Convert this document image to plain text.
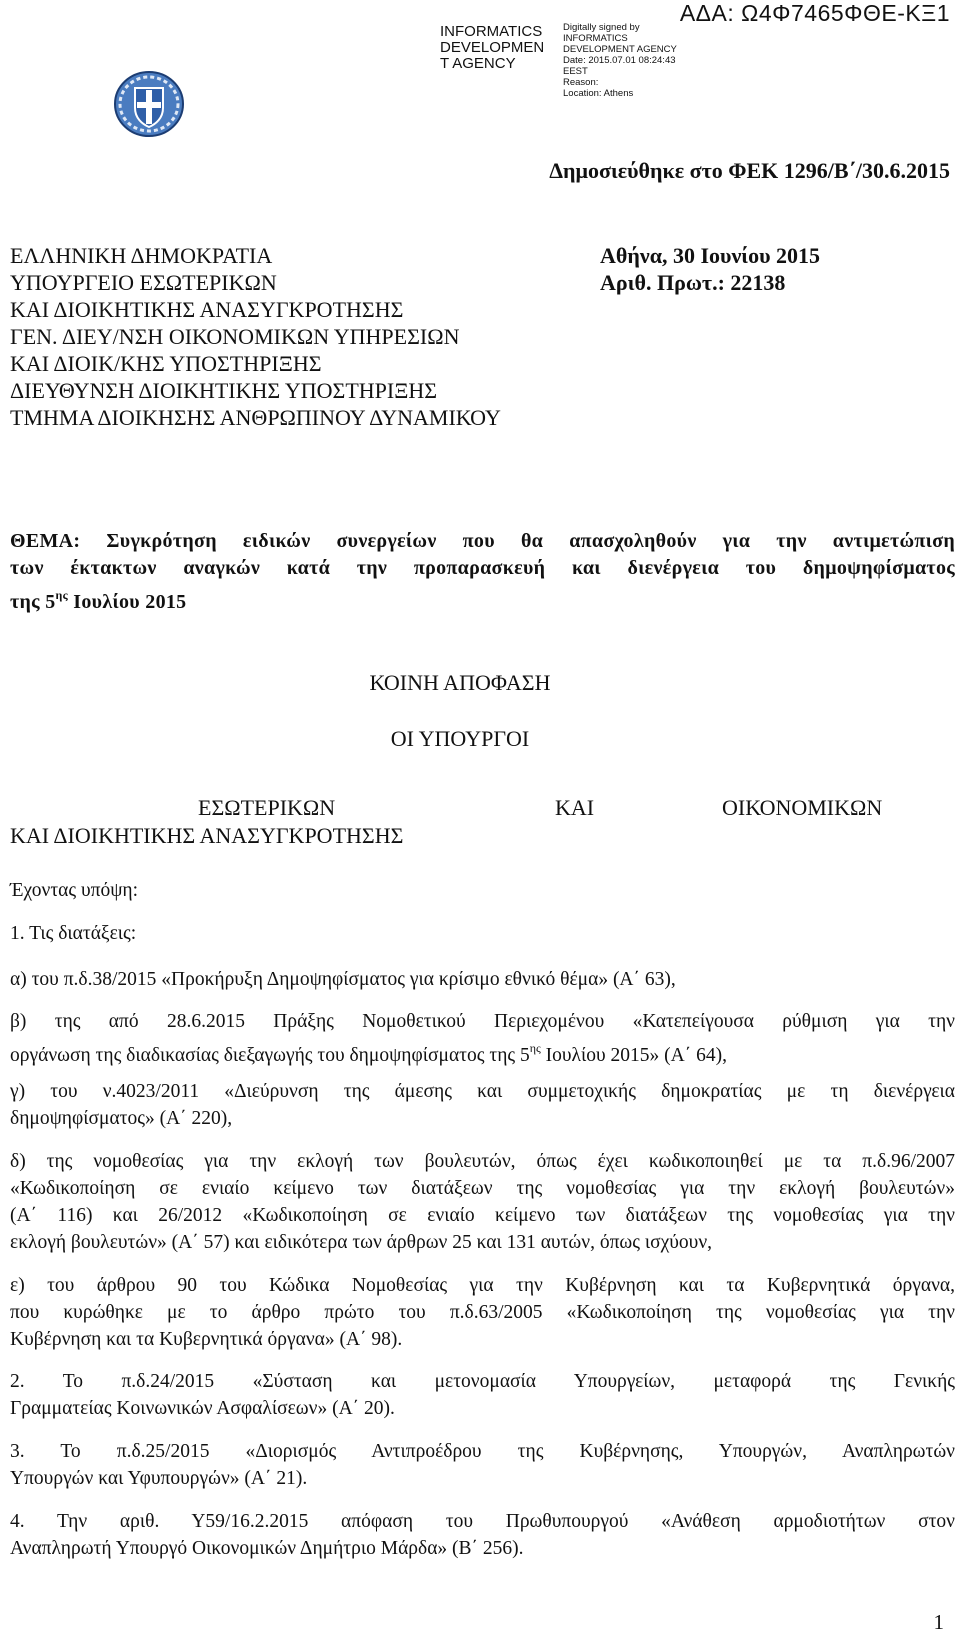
ΑΔΑ: Ω4Φ7465ΦΘΕ-ΚΞ1
INFORMATICS
DEVELOPMEN
T AGENCY
Digitally signed by
INFORMATICS
DEVELOPMENT AGENCY
Date: 2015.07.01 08:24:43
EEST
Reason:
Location: Athens
Δημοσιεύθηκε στο ΦΕΚ 1296/Β΄/30.6.2015
ΕΛΛΗΝΙΚΗ ΔΗΜΟΚΡΑΤΙΑ
ΥΠΟΥΡΓΕΙΟ ΕΣΩΤΕΡΙΚΩΝ
ΚΑΙ ΔΙΟΙΚΗΤΙΚΗΣ ΑΝΑΣΥΓΚΡΟΤΗΣΗΣ
ΓΕΝ. ΔΙΕΥ/ΝΣΗ ΟΙΚΟΝΟΜΙΚΩΝ ΥΠΗΡΕΣΙΩΝ
ΚΑΙ ΔΙΟΙΚ/ΚΗΣ ΥΠΟΣΤΗΡΙΞΗΣ
ΔΙΕΥΘΥΝΣΗ ΔΙΟΙΚΗΤΙΚΗΣ ΥΠΟΣΤΗΡΙΞΗΣ
ΤΜΗΜΑ ΔΙΟΙΚΗΣΗΣ ΑΝΘΡΩΠΙΝΟΥ ΔΥΝΑΜΙΚΟΥ
Αθήνα, 30 Ιουνίου 2015
Αριθ. Πρωτ.: 22138
ΘΕΜΑ: Συγκρότηση ειδικών συνεργείων που θα απασχοληθούν για την αντιμετώπιση
των έκτακτων αναγκών κατά την προπαρασκευή και διενέργεια του δημοψηφίσματος
της $5^{\eta\varsigma}$ Ιουλίου 2015
ΚΟΙΝΗ ΑΠΟΦΑΣΗ
ΟΙ ΥΠΟΥΡΓΟΙ
ΕΣΩΤΕΡΙΚΩΝ	ΚΑΙ	ΟΙΚΟΝΟΜΙΚΩΝ
ΚΑΙ ΔΙΟΙΚΗΤΙΚΗΣ ΑΝΑΣΥΓΚΡΟΤΗΣΗΣ
Έχοντας υπόψη:
1. Τις διατάξεις:
α) του π.δ.38/2015 «Προκήρυξη Δημοψηφίσματος για κρίσιμο εθνικό θέμα» (Α΄ 63),
β) της από 28.6.2015 Πράξης Νομοθετικού Περιεχομένου «Κατεπείγουσα ρύθμιση για την
οργάνωση της διαδικασίας διεξαγωγής του δημοψηφίσματος της $5^{\eta\varsigma}$ Ιουλίου 2015» (Α΄ 64),
γ) του ν.4023/2011 «Διεύρυνση της άμεσης και συμμετοχικής δημοκρατίας με τη διενέργεια
δημοψηφίσματος» (Α΄ 220),
δ) της νομοθεσίας για την εκλογή των βουλευτών, όπως έχει κωδικοποιηθεί με τα π.δ.96/2007
«Κωδικοποίηση σε ενιαίο κείμενο των διατάξεων της νομοθεσίας για την εκλογή βουλευτών»
(Α΄ 116) και 26/2012 «Κωδικοποίηση σε ενιαίο κείμενο των διατάξεων της νομοθεσίας για την
εκλογή βουλευτών» (Α΄ 57) και ειδικότερα των άρθρων 25 και 131 αυτών, όπως ισχύουν,
ε) του άρθρου 90 του Κώδικα Νομοθεσίας για την Κυβέρνηση και τα Κυβερνητικά όργανα,
που κυρώθηκε με το άρθρο πρώτο του π.δ.63/2005 «Κωδικοποίηση της νομοθεσίας για την
Κυβέρνηση και τα Κυβερνητικά όργανα» (Α΄ 98).
2. Το π.δ.24/2015 «Σύσταση και μετονομασία Υπουργείων, μεταφορά της Γενικής
Γραμματείας Κοινωνικών Ασφαλίσεων» (Α΄ 20).
3. Το π.δ.25/2015 «Διορισμός Αντιπροέδρου της Κυβέρνησης, Υπουργών, Αναπληρωτών
Υπουργών και Υφυπουργών» (Α΄ 21).
4. Την αριθ. Υ59/16.2.2015 απόφαση του Πρωθυπουργού «Ανάθεση αρμοδιοτήτων στον
Αναπληρωτή Υπουργό Οικονομικών Δημήτριο Μάρδα» (Β΄ 256).
1
